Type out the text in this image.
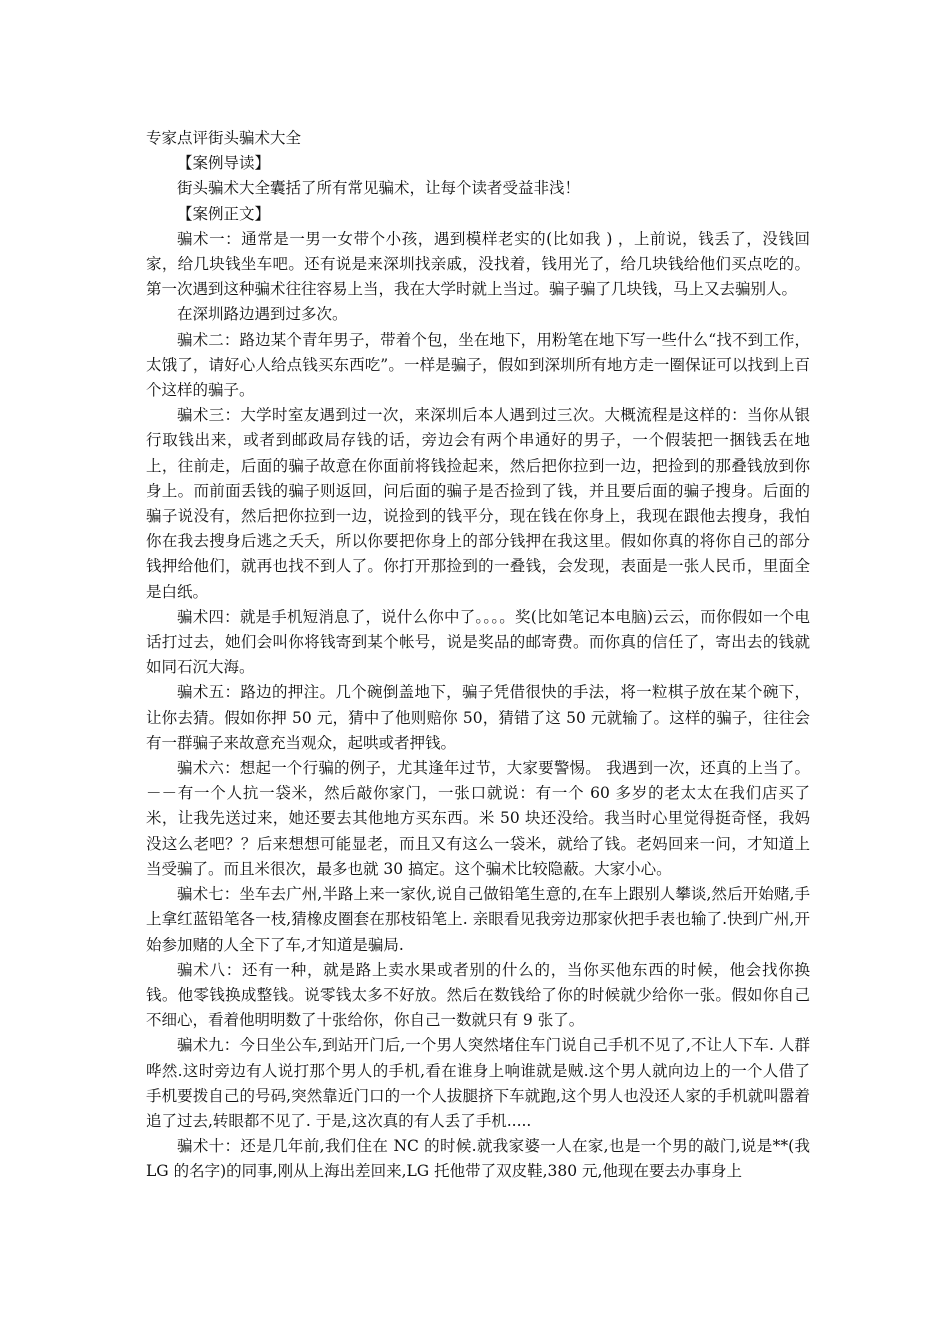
专家点评街头骗术大全

【案例导读】

街头骗术大全囊括了所有常见骗术，让每个读者受益非浅！

【案例正文】

骗术一：通常是一男一女带个小孩，遇到模样老实的(比如我 ) ，上前说，钱丢了，没钱回家，给几块钱坐车吧。还有说是来深圳找亲戚，没找着，钱用光了，给几块钱给他们买点吃的。 第一次遇到这种骗术往往容易上当，我在大学时就上当过。骗子骗了几块钱，马上又去骗别人。

在深圳路边遇到过多次。

骗术二：路边某个青年男子，带着个包，坐在地下，用粉笔在地下写一些什么“找不到工作，太饿了，请好心人给点钱买东西吃”。一样是骗子，假如到深圳所有地方走一圈保证可以找到上百个这样的骗子。

骗术三：大学时室友遇到过一次，来深圳后本人遇到过三次。大概流程是这样的：当你从银行取钱出来，或者到邮政局存钱的话，旁边会有两个串通好的男子，一个假装把一捆钱丢在地上，往前走，后面的骗子故意在你面前将钱捡起来，然后把你拉到一边，把捡到的那叠钱放到你身上。而前面丢钱的骗子则返回，问后面的骗子是否捡到了钱，并且要后面的骗子搜身。后面的骗子说没有，然后把你拉到一边，说捡到的钱平分，现在钱在你身上，我现在跟他去搜身，我怕你在我去搜身后逃之夭夭，所以你要把你身上的部分钱押在我这里。假如你真的将你自己的部分钱押给他们，就再也找不到人了。你打开那捡到的一叠钱，会发现，表面是一张人民币，里面全是白纸。

骗术四：就是手机短消息了，说什么你中了。。。。奖(比如笔记本电脑)云云，而你假如一个电话打过去，她们会叫你将钱寄到某个帐号，说是奖品的邮寄费。而你真的信任了，寄出去的钱就如同石沉大海。

骗术五：路边的押注。几个碗倒盖地下，骗子凭借很快的手法，将一粒棋子放在某个碗下，让你去猜。假如你押 50 元，猜中了他则赔你 50，猜错了这 50 元就输了。这样的骗子，往往会有一群骗子来故意充当观众，起哄或者押钱。

骗术六：想起一个行骗的例子，尤其逢年过节，大家要警惕。 我遇到一次，还真的上当了。－－有一个人抗一袋米，然后敲你家门，一张口就说：有一个 60 多岁的老太太在我们店买了米，让我先送过来，她还要去其他地方买东西。米 50 块还没给。我当时心里觉得挺奇怪，我妈没这么老吧？？后来想想可能显老，而且又有这么一袋米，就给了钱。老妈回来一问，才知道上当受骗了。而且米很次，最多也就 30 搞定。这个骗术比较隐蔽。大家小心。

骗术七：坐车去广州,半路上来一家伙,说自己做铅笔生意的,在车上跟别人攀谈,然后开始赌,手上拿红蓝铅笔各一枝,猜橡皮圈套在那枝铅笔上. 亲眼看见我旁边那家伙把手表也输了.快到广州,开始参加赌的人全下了车,才知道是骗局.

骗术八：还有一种，就是路上卖水果或者别的什么的，当你买他东西的时候，他会找你换钱。他零钱换成整钱。说零钱太多不好放。然后在数钱给了你的时候就少给你一张。假如你自己不细心，看着他明明数了十张给你，你自己一数就只有 9 张了。

骗术九：今日坐公车,到站开门后,一个男人突然堵住车门说自己手机不见了,不让人下车. 人群哗然.这时旁边有人说打那个男人的手机,看在谁身上响谁就是贼.这个男人就向边上的一个人借了手机要拨自己的号码,突然靠近门口的一个人拔腿挤下车就跑,这个男人也没还人家的手机就叫嚣着追了过去,转眼都不见了. 于是,这次真的有人丢了手机.....

骗术十：还是几年前,我们住在 NC 的时候.就我家婆一人在家,也是一个男的敲门,说是**(我 LG 的名字)的同事,刚从上海出差回来,LG 托他带了双皮鞋,380 元,他现在要去办事身上
